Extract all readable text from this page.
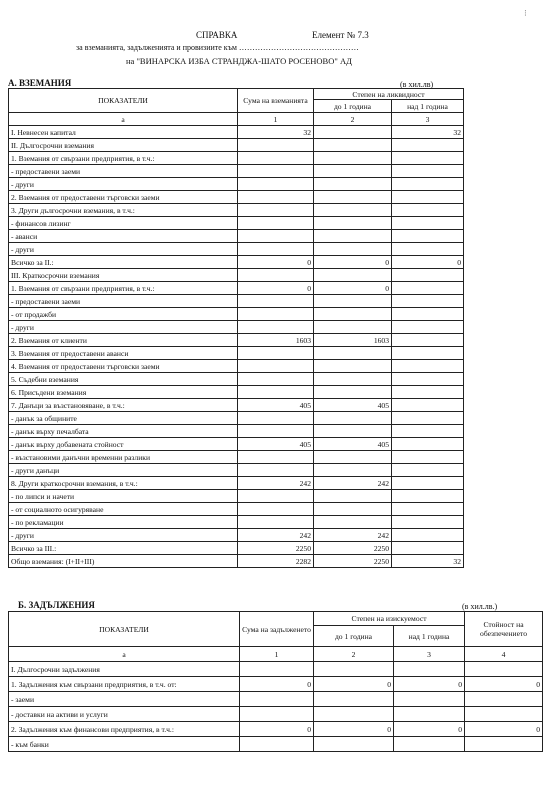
⁝
СПРАВКА	Елемент № 7.3
за вземанията, задълженията и провизиите към ………………………………………
на "ВИНАРСКА ИЗБА СТРАНДЖА-ШАТО РОСЕНОВО" АД
А. ВЗЕМАНИЯ	(в хил.лв)
ПОКАЗАТЕЛИ	Сума на вземанията	Степен на ликвидност	
		до 1 година	над 1 година
а	1	2	3
I. Невнесен капитал	32		32
II. Дългосрочни вземания			
1. Вземания от свързани предприятия, в т.ч.:			
- предоставени заеми			
- други			
2. Вземания от предоставени търговски заеми			
3. Други дългосрочни вземания, в т.ч.:			
- финансов лизинг			
- аванси			
- други			
Всичко за II.:	0	0	0
III. Краткосрочни вземания			
1. Вземания от свързани предприятия, в т.ч.:	0	0	
- предоставени заеми			
- от продажби			
- други			
2. Вземания от клиенти	1603	1603	
3. Вземания от предоставени аванси			
4. Вземания от предоставени търговски заеми			
5. Съдебни вземания			
6. Присъдени вземания			
7. Данъци за възстановяване, в т.ч.:	405	405	
- данък за общините			
- данък върху печалбата			
- данък върху добавената стойност	405	405	
- възстановими данъчни временни разлики			
- други данъци			
8. Други краткосрочни вземания, в т.ч.:	242	242	
- по липси и начети			
- от социалното осигуряване			
- по рекламации			
- други	242	242	
Всичко за III.:	2250	2250	
Общо вземания: (I+II+III)	2282	2250	32
Б. ЗАДЪЛЖЕНИЯ	(в хил.лв.)
ПОКАЗАТЕЛИ	Сума на задълженето	Степен на изискуемост		Стойност на обезпечението
		до 1 година	над 1 година	
а	1	2	3	4
I. Дългосрочни задължения				
1. Задължения към свързани предприятия, в т.ч. от:	0	0	0	0
- заеми				
- доставки на активи и услуги				
2. Задължения към финансови предприятия, в т.ч.:	0	0	0	0
- към банки				
